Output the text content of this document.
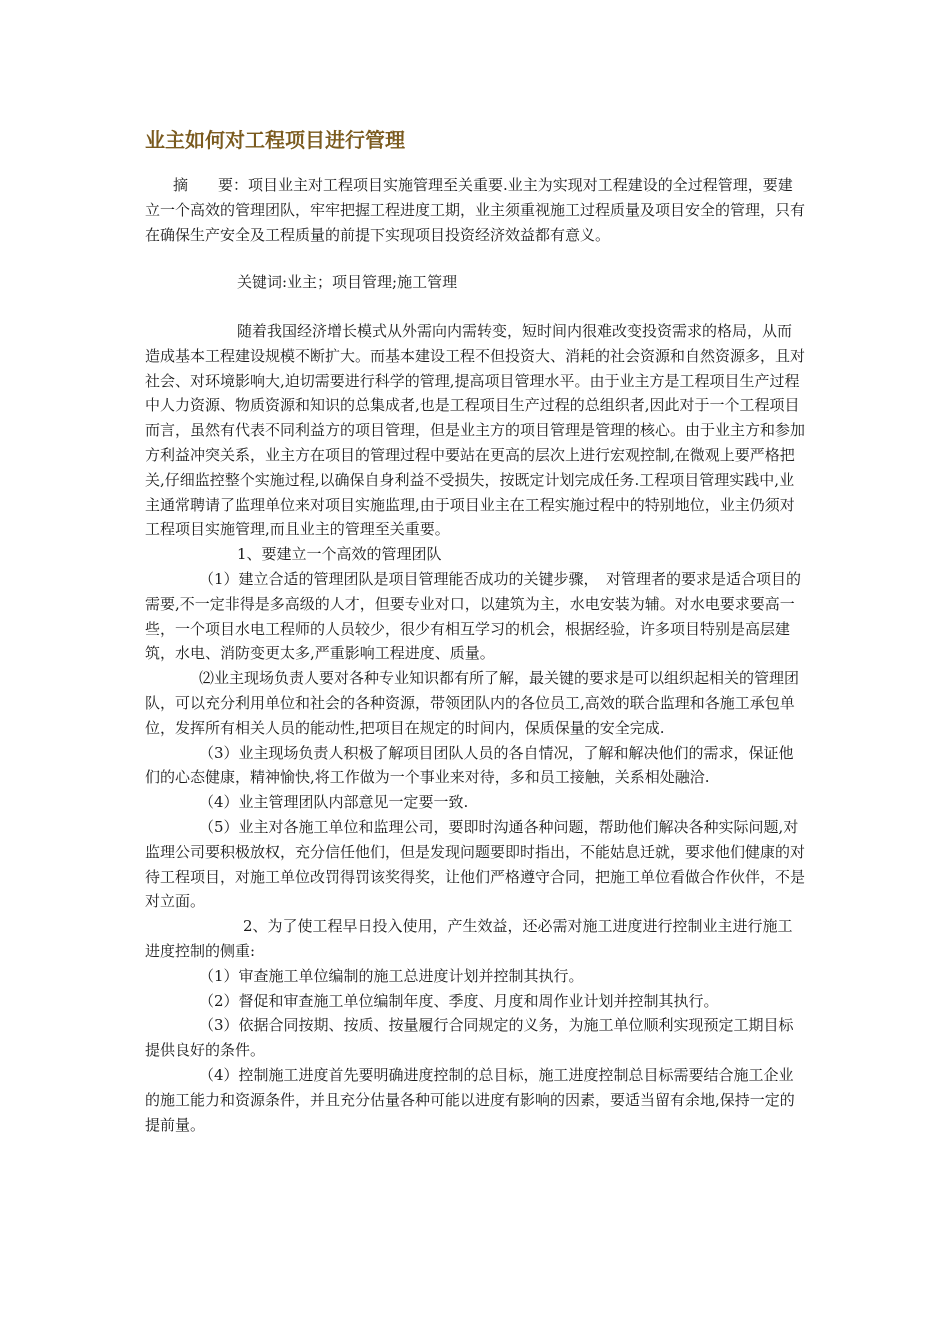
业主如何对工程项目进行管理

摘　　要：项目业主对工程项目实施管理至关重要.业主为实现对工程建设的全过程管理，要建立一个高效的管理团队，牢牢把握工程进度工期，业主须重视施工过程质量及项目安全的管理，只有在确保生产安全及工程质量的前提下实现项目投资经济效益都有意义。

关键词:业主；项目管理;施工管理

随着我国经济增长模式从外需向内需转变，短时间内很难改变投资需求的格局，从而造成基本工程建设规模不断扩大。而基本建设工程不但投资大、消耗的社会资源和自然资源多，且对社会、对环境影响大,迫切需要进行科学的管理,提高项目管理水平。由于业主方是工程项目生产过程中人力资源、物质资源和知识的总集成者,也是工程项目生产过程的总组织者,因此对于一个工程项目而言，虽然有代表不同利益方的项目管理，但是业主方的项目管理是管理的核心。由于业主方和参加方利益冲突关系，业主方在项目的管理过程中要站在更高的层次上进行宏观控制,在微观上要严格把关,仔细监控整个实施过程,以确保自身利益不受损失，按既定计划完成任务.工程项目管理实践中,业主通常聘请了监理单位来对项目实施监理,由于项目业主在工程实施过程中的特别地位，业主仍须对工程项目实施管理,而且业主的管理至关重要。

1、要建立一个高效的管理团队

（1）建立合适的管理团队是项目管理能否成功的关键步骤，　对管理者的要求是适合项目的需要,不一定非得是多高级的人才，但要专业对口，以建筑为主，水电安装为辅。对水电要求要高一些，一个项目水电工程师的人员较少，很少有相互学习的机会，根据经验，许多项目特别是高层建筑，水电、消防变更太多,严重影响工程进度、质量。

⑵业主现场负责人要对各种专业知识都有所了解，最关键的要求是可以组织起相关的管理团队，可以充分利用单位和社会的各种资源，带领团队内的各位员工,高效的联合监理和各施工承包单位，发挥所有相关人员的能动性,把项目在规定的时间内，保质保量的安全完成.

（3）业主现场负责人积极了解项目团队人员的各自情况，了解和解决他们的需求，保证他们的心态健康，精神愉快,将工作做为一个事业来对待，多和员工接触，关系相处融洽.

（4）业主管理团队内部意见一定要一致.

（5）业主对各施工单位和监理公司，要即时沟通各种问题，帮助他们解决各种实际问题,对监理公司要积极放权，充分信任他们，但是发现问题要即时指出，不能姑息迁就，要求他们健康的对待工程项目，对施工单位改罚得罚该奖得奖，让他们严格遵守合同，把施工单位看做合作伙伴，不是对立面。

2、为了使工程早日投入使用，产生效益，还必需对施工进度进行控制业主进行施工进度控制的侧重:

（1）审查施工单位编制的施工总进度计划并控制其执行。

（2）督促和审查施工单位编制年度、季度、月度和周作业计划并控制其执行。

（3）依据合同按期、按质、按量履行合同规定的义务，为施工单位顺利实现预定工期目标提供良好的条件。

（4）控制施工进度首先要明确进度控制的总目标，施工进度控制总目标需要结合施工企业的施工能力和资源条件，并且充分估量各种可能以进度有影响的因素，要适当留有余地,保持一定的提前量。
